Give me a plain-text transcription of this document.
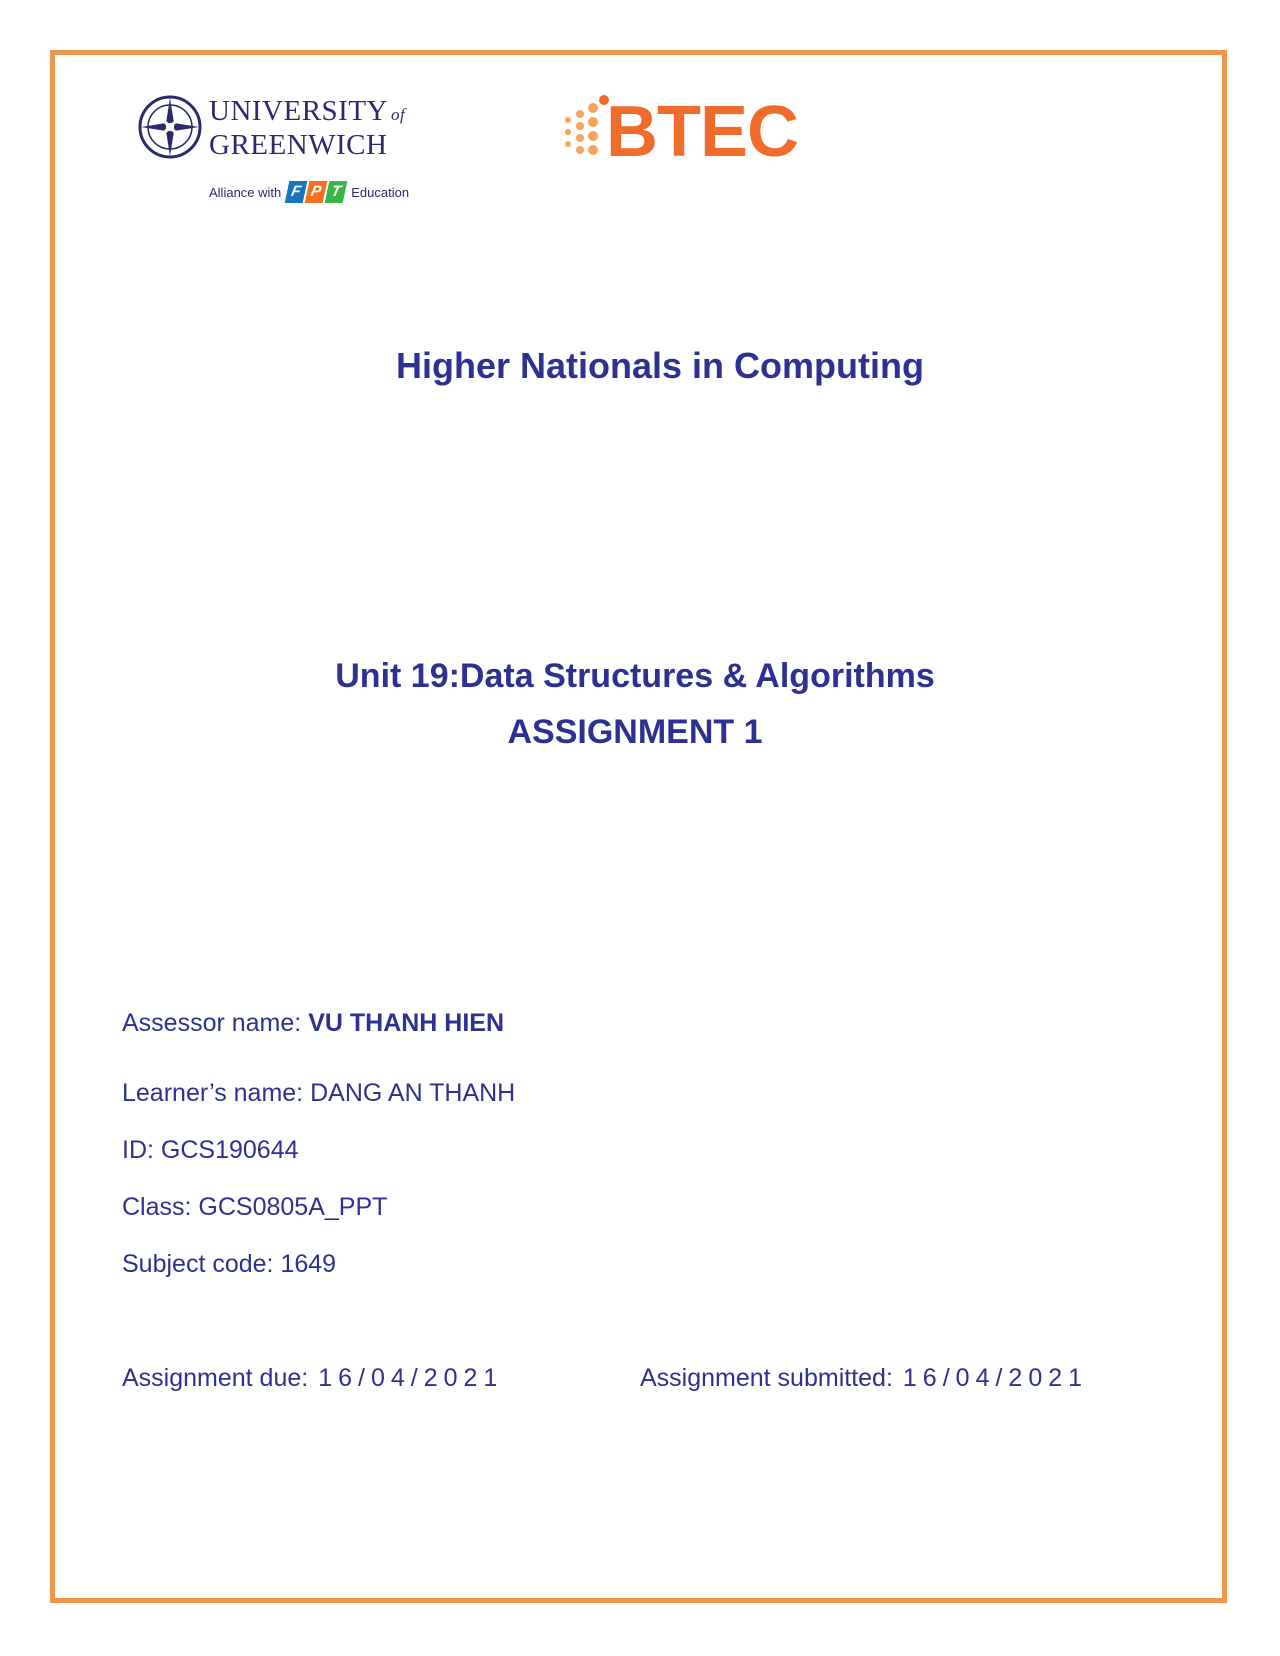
UNIVERSITY of
GREENWICH
Alliance with F P T Education
BTEC
Higher Nationals in Computing
Unit 19:Data Structures & Algorithms
ASSIGNMENT 1
Assessor name: VU THANH HIEN
Learner’s name: DANG AN THANH
ID: GCS190644
Class: GCS0805A_PPT
Subject code: 1649
Assignment due: 16/04/2021	Assignment submitted: 16/04/2021
